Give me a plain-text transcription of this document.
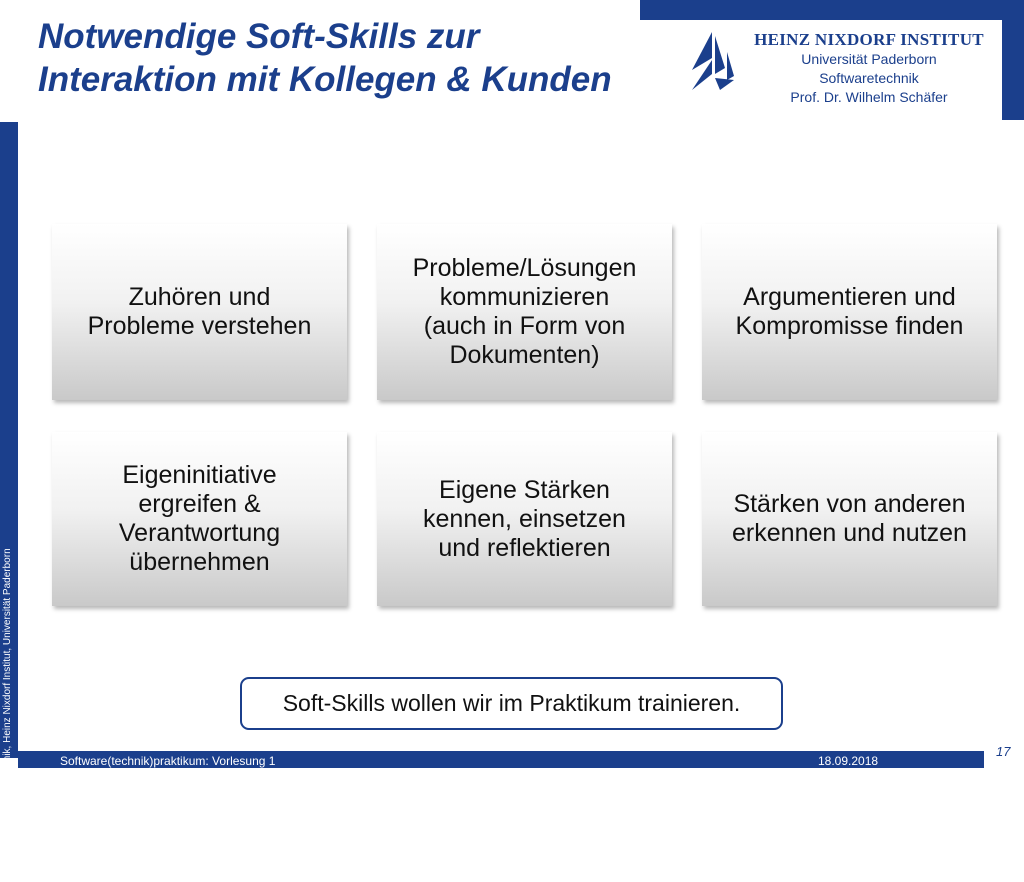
© Fachgebiet Softwaretechnik, Heinz Nixdorf Institut, Universität Paderborn
Notwendige Soft-Skills zur
Interaktion mit Kollegen & Kunden
HEINZ NIXDORF INSTITUT
Universität Paderborn
Softwaretechnik
Prof. Dr. Wilhelm Schäfer
Zuhören und
Probleme verstehen
Probleme/Lösungen
kommunizieren
(auch in Form von
Dokumenten)
Argumentieren und
Kompromisse finden
Eigeninitiative
ergreifen &
Verantwortung
übernehmen
Eigene Stärken
kennen, einsetzen
und reflektieren
Stärken von anderen
erkennen und nutzen
Soft-Skills wollen wir im Praktikum trainieren.
Software(technik)praktikum: Vorlesung 1	18.09.2018
17
